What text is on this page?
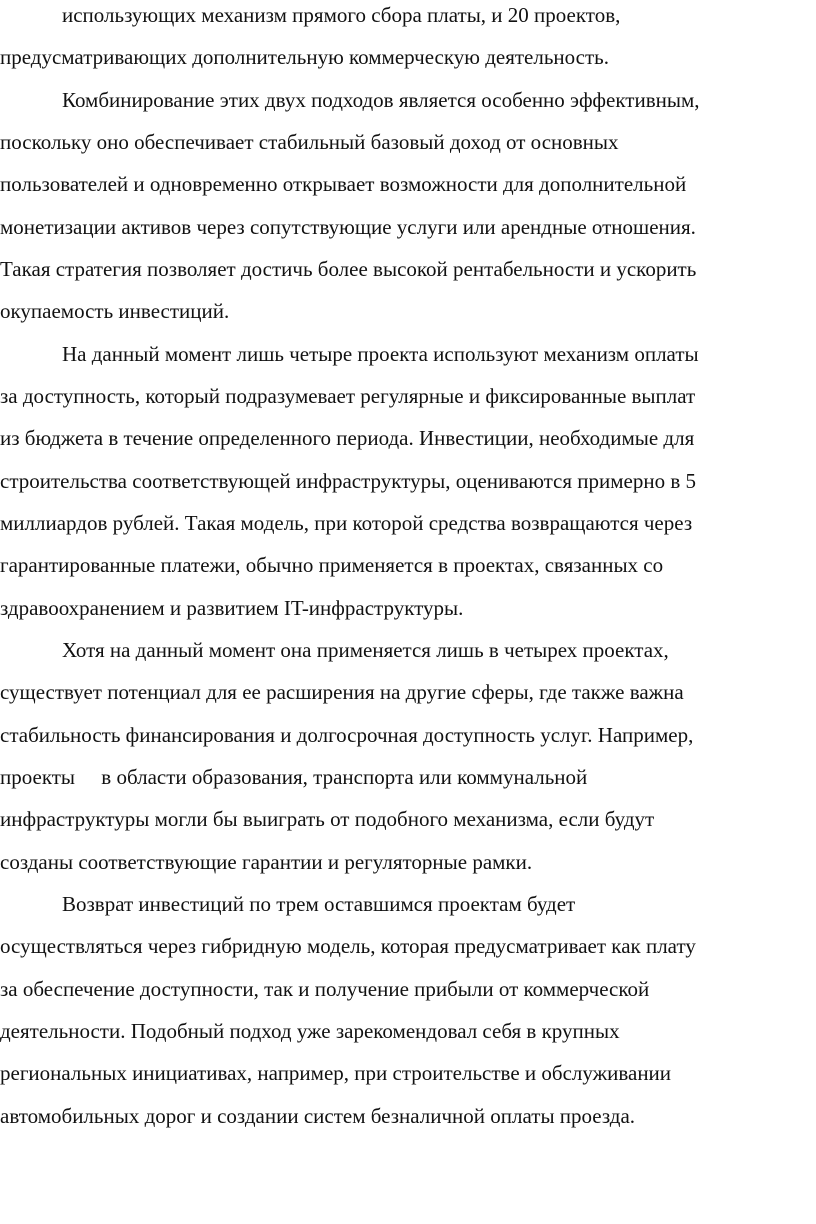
использующих механизм прямого сбора платы, и 20 проектов,
предусматривающих дополнительную коммерческую деятельность.
Комбинирование этих двух подходов является особенно эффективным,
поскольку оно обеспечивает стабильный базовый доход от основных
пользователей и одновременно открывает возможности для дополнительной
монетизации активов через сопутствующие услуги или арендные отношения.
Такая стратегия позволяет достичь более высокой рентабельности и ускорить
окупаемость инвестиций.
На данный момент лишь четыре проекта используют механизм оплаты
за доступность, который подразумевает регулярные и фиксированные выплат
из бюджета в течение определенного периода. Инвестиции, необходимые для
строительства соответствующей инфраструктуры, оцениваются примерно в 5
миллиардов рублей. Такая модель, при которой средства возвращаются через
гарантированные платежи, обычно применяется в проектах, связанных со
здравоохранением и развитием IT-инфраструктуры.
Хотя на данный момент она применяется лишь в четырех проектах,
существует потенциал для ее расширения на другие сферы, где также важна
стабильность финансирования и долгосрочная доступность услуг. Например,
проекты     в области образования, транспорта или коммунальной
инфраструктуры могли бы выиграть от подобного механизма, если будут
созданы соответствующие гарантии и регуляторные рамки.
Возврат инвестиций по трем оставшимся проектам будет
осуществляться через гибридную модель, которая предусматривает как плату
за обеспечение доступности, так и получение прибыли от коммерческой
деятельности. Подобный подход уже зарекомендовал себя в крупных
региональных инициативах, например, при строительстве и обслуживании
автомобильных дорог и создании систем безналичной оплаты проезда.
